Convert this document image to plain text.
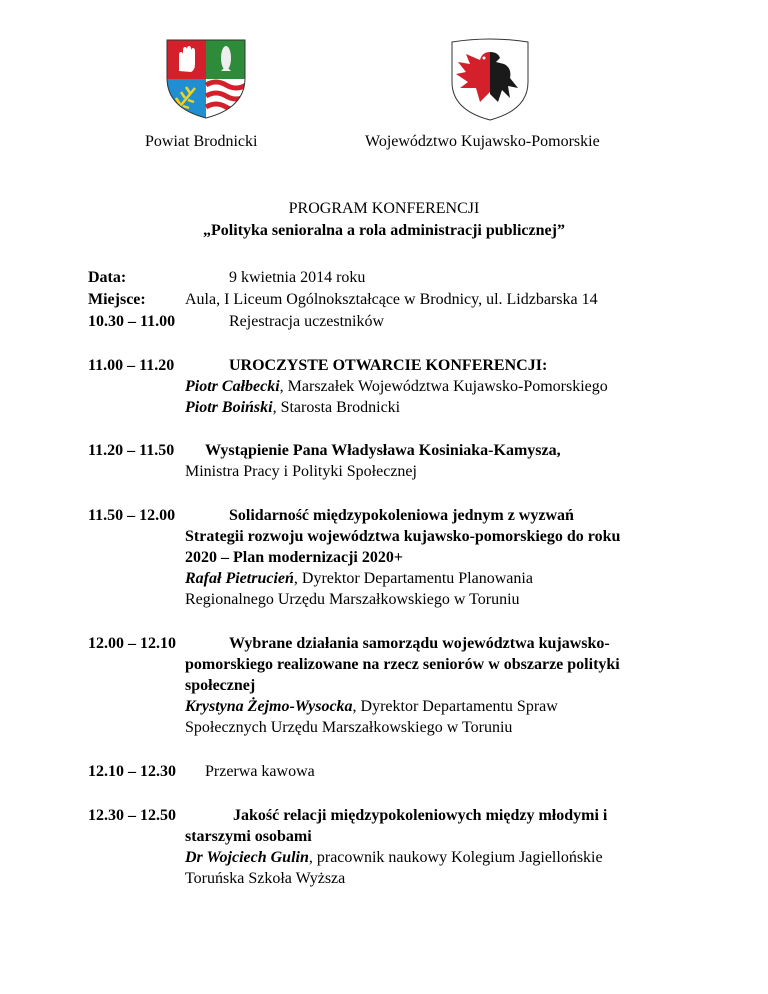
Powiat Brodnicki	Województwo Kujawsko-Pomorskie
PROGRAM KONFERENCJI
„Polityka senioralna a rola administracji publicznej”
Data:	9 kwietnia 2014 roku
Miejsce: Aula, I Liceum Ogólnokształcące w Brodnicy, ul. Lidzbarska 14
10.30 – 11.00	Rejestracja uczestników
11.00 – 11.20	UROCZYSTE OTWARCIE KONFERENCJI:
Piotr Całbecki, Marszałek Województwa Kujawsko-Pomorskiego
Piotr Boiński, Starosta Brodnicki
11.20 – 11.50 Wystąpienie Pana Władysława Kosiniaka-Kamysza,
Ministra Pracy i Polityki Społecznej
11.50 – 12.00	Solidarność międzypokoleniowa jednym z wyzwań
Strategii rozwoju województwa kujawsko-pomorskiego do roku
2020 – Plan modernizacji 2020+
Rafał Pietrucień, Dyrektor Departamentu Planowania
Regionalnego Urzędu Marszałkowskiego w Toruniu
12.00 – 12.10	Wybrane działania samorządu województwa kujawsko-
pomorskiego realizowane na rzecz seniorów w obszarze polityki
społecznej
Krystyna Żejmo-Wysocka, Dyrektor Departamentu Spraw
Społecznych Urzędu Marszałkowskiego w Toruniu
12.10 – 12.30 Przerwa kawowa
12.30 – 12.50	Jakość relacji międzypokoleniowych między młodymi i
starszymi osobami
Dr Wojciech Gulin, pracownik naukowy Kolegium Jagiellońskie
Toruńska Szkoła Wyższa
